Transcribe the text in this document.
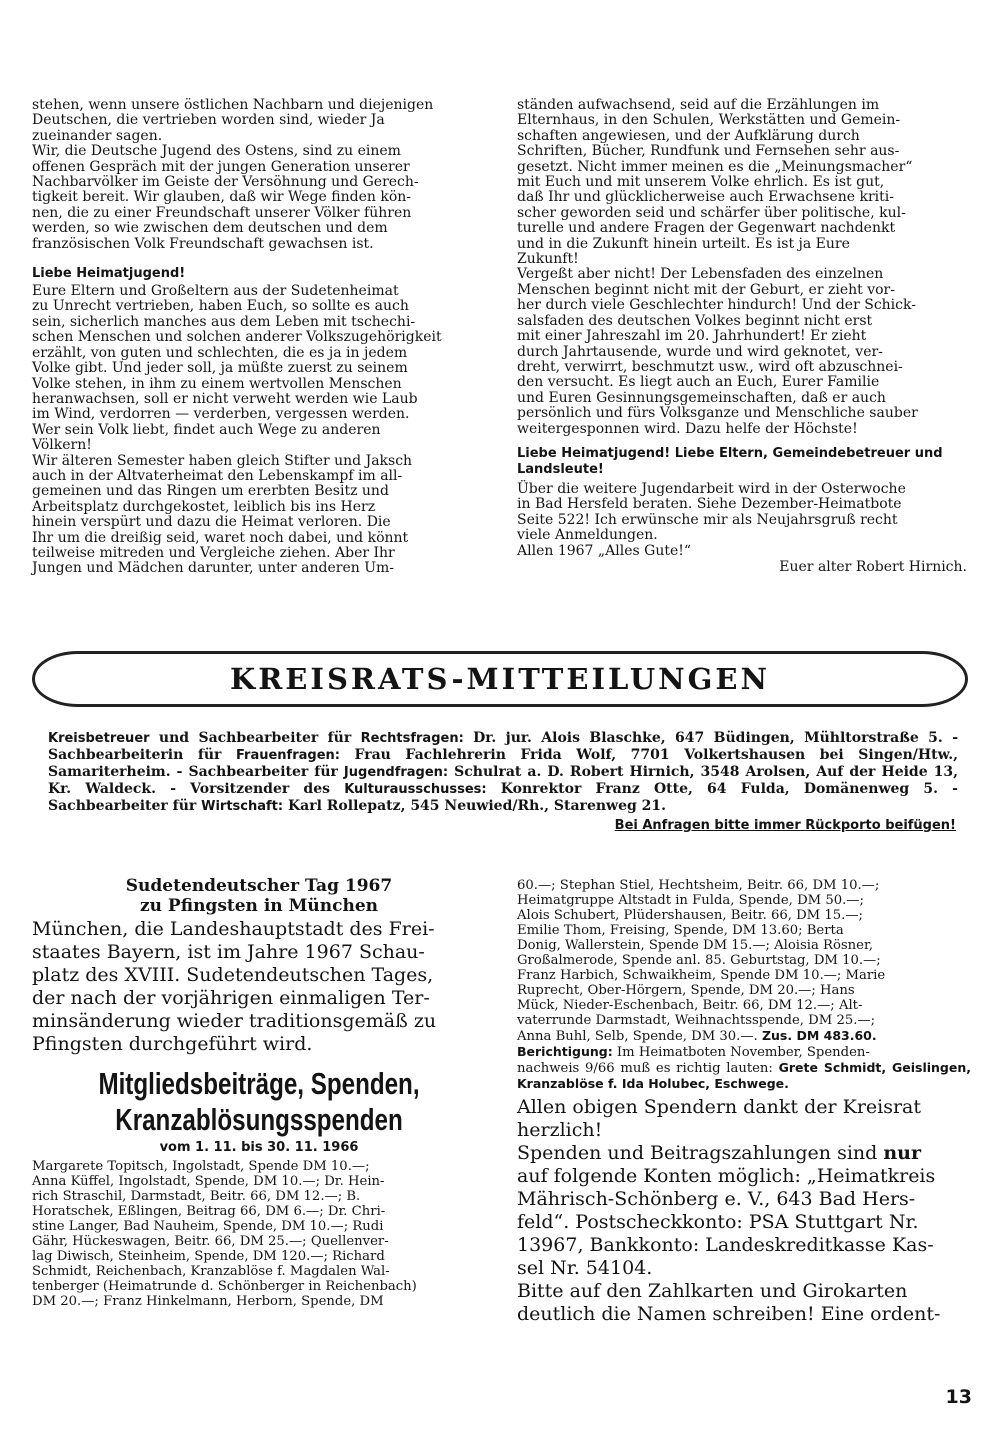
stehen, wenn unsere östlichen Nachbarn und diejenigen
Deutschen, die vertrieben worden sind, wieder Ja
zueinander sagen.
Wir, die Deutsche Jugend des Ostens, sind zu einem
offenen Gespräch mit der jungen Generation unserer
Nachbarvölker im Geiste der Versöhnung und Gerech-
tigkeit bereit. Wir glauben, daß wir Wege finden kön-
nen, die zu einer Freundschaft unserer Völker führen
werden, so wie zwischen dem deutschen und dem
französischen Volk Freundschaft gewachsen ist.

Liebe Heimatjugend!

Eure Eltern und Großeltern aus der Sudetenheimat
zu Unrecht vertrieben, haben Euch, so sollte es auch
sein, sicherlich manches aus dem Leben mit tschechi-
schen Menschen und solchen anderer Volkszugehörigkeit
erzählt, von guten und schlechten, die es ja in jedem
Volke gibt. Und jeder soll, ja müßte zuerst zu seinem
Volke stehen, in ihm zu einem wertvollen Menschen
heranwachsen, soll er nicht verweht werden wie Laub
im Wind, verdorren — verderben, vergessen werden.
Wer sein Volk liebt, findet auch Wege zu anderen
Völkern!
Wir älteren Semester haben gleich Stifter und Jaksch
auch in der Altvaterheimat den Lebenskampf im all-
gemeinen und das Ringen um ererbten Besitz und
Arbeitsplatz durchgekostet, leiblich bis ins Herz
hinein verspürt und dazu die Heimat verloren. Die
Ihr um die dreißig seid, waret noch dabei, und könnt
teilweise mitreden und Vergleiche ziehen. Aber Ihr
Jungen und Mädchen darunter, unter anderen Um-

ständen aufwachsend, seid auf die Erzählungen im
Elternhaus, in den Schulen, Werkstätten und Gemein-
schaften angewiesen, und der Aufklärung durch
Schriften, Bücher, Rundfunk und Fernsehen sehr aus-
gesetzt. Nicht immer meinen es die „Meinungsmacher“
mit Euch und mit unserem Volke ehrlich. Es ist gut,
daß Ihr und glücklicherweise auch Erwachsene kriti-
scher geworden seid und schärfer über politische, kul-
turelle und andere Fragen der Gegenwart nachdenkt
und in die Zukunft hinein urteilt. Es ist ja Eure
Zukunft!
Vergeßt aber nicht! Der Lebensfaden des einzelnen
Menschen beginnt nicht mit der Geburt, er zieht vor-
her durch viele Geschlechter hindurch! Und der Schick-
salsfaden des deutschen Volkes beginnt nicht erst
mit einer Jahreszahl im 20. Jahrhundert! Er zieht
durch Jahrtausende, wurde und wird geknotet, ver-
dreht, verwirrt, beschmutzt usw., wird oft abzuschnei-
den versucht. Es liegt auch an Euch, Eurer Familie
und Euren Gesinnungsgemeinschaften, daß er auch
persönlich und fürs Volksganze und Menschliche sauber
weitergesponnen wird. Dazu helfe der Höchste!

Liebe Heimatjugend! Liebe Eltern, Gemeindebetreuer und Landsleute!

Über die weitere Jugendarbeit wird in der Osterwoche
in Bad Hersfeld beraten. Siehe Dezember-Heimatbote
Seite 522! Ich erwünsche mir als Neujahrsgruß recht
viele Anmeldungen.
Allen 1967 „Alles Gute!“

Euer alter Robert Hirnich.

KREISRATS-MITTEILUNGEN

Kreisbetreuer und Sachbearbeiter für Rechtsfragen: Dr. jur. Alois Blaschke, 647 Büdingen, Mühltorstraße 5. - Sachbearbeiterin für Frauenfragen: Frau Fachlehrerin Frida Wolf, 7701 Volkertshausen bei Singen/Htw., Samariterheim. - Sachbearbeiter für Jugendfragen: Schulrat a. D. Robert Hirnich, 3548 Arolsen, Auf der Heide 13, Kr. Waldeck. - Vorsitzender des Kulturausschusses: Konrektor Franz Otte, 64 Fulda, Domänenweg 5. - Sachbearbeiter für Wirtschaft: Karl Rollepatz, 545 Neuwied/Rh., Starenweg 21.

Bei Anfragen bitte immer Rückporto beifügen!

Sudetendeutscher Tag 1967

zu Pfingsten in München

München, die Landeshauptstadt des Frei-
staates Bayern, ist im Jahre 1967 Schau-
platz des XVIII. Sudetendeutschen Tages,
der nach der vorjährigen einmaligen Ter-
minsänderung wieder traditionsgemäß zu
Pfingsten durchgeführt wird.

Mitgliedsbeiträge, Spenden,

Kranzablösungsspenden

vom 1. 11. bis 30. 11. 1966

Margarete Topitsch, Ingolstadt, Spende DM 10.—;
Anna Küffel, Ingolstadt, Spende, DM 10.—; Dr. Hein-
rich Straschil, Darmstadt, Beitr. 66, DM 12.—; B.
Horatschek, Eßlingen, Beitrag 66, DM 6.—; Dr. Chri-
stine Langer, Bad Nauheim, Spende, DM 10.—; Rudi
Gähr, Hückeswagen, Beitr. 66, DM 25.—; Quellenver-
lag Diwisch, Steinheim, Spende, DM 120.—; Richard
Schmidt, Reichenbach, Kranzablöse f. Magdalen Wal-
tenberger (Heimatrunde d. Schönberger in Reichenbach)
DM 20.—; Franz Hinkelmann, Herborn, Spende, DM

60.—; Stephan Stiel, Hechtsheim, Beitr. 66, DM 10.—;
Heimatgruppe Altstadt in Fulda, Spende, DM 50.—;
Alois Schubert, Plüdershausen, Beitr. 66, DM 15.—;
Emilie Thom, Freising, Spende, DM 13.60; Berta
Donig, Wallerstein, Spende DM 15.—; Aloisia Rösner,
Großalmerode, Spende anl. 85. Geburtstag, DM 10.—;
Franz Harbich, Schwaikheim, Spende DM 10.—; Marie
Ruprecht, Ober-Hörgern, Spende, DM 20.—; Hans
Mück, Nieder-Eschenbach, Beitr. 66, DM 12.—; Alt-
vaterrunde Darmstadt, Weihnachtsspende, DM 25.—;
Anna Buhl, Selb, Spende, DM 30.—. Zus. DM 483.60.
Berichtigung: Im Heimatboten November, Spenden-
nachweis 9/66 muß es richtig lauten: Grete Schmidt, Geislingen, Kranzablöse f. Ida Holubec, Eschwege.

Allen obigen Spendern dankt der Kreisrat
herzlich!

Spenden und Beitragszahlungen sind nur
auf folgende Konten möglich: „Heimatkreis
Mährisch-Schönberg e. V., 643 Bad Hers-
feld“. Postscheckkonto: PSA Stuttgart Nr.
13967, Bankkonto: Landeskreditkasse Kas-
sel Nr. 54104.

Bitte auf den Zahlkarten und Girokarten
deutlich die Namen schreiben! Eine ordent-

13
